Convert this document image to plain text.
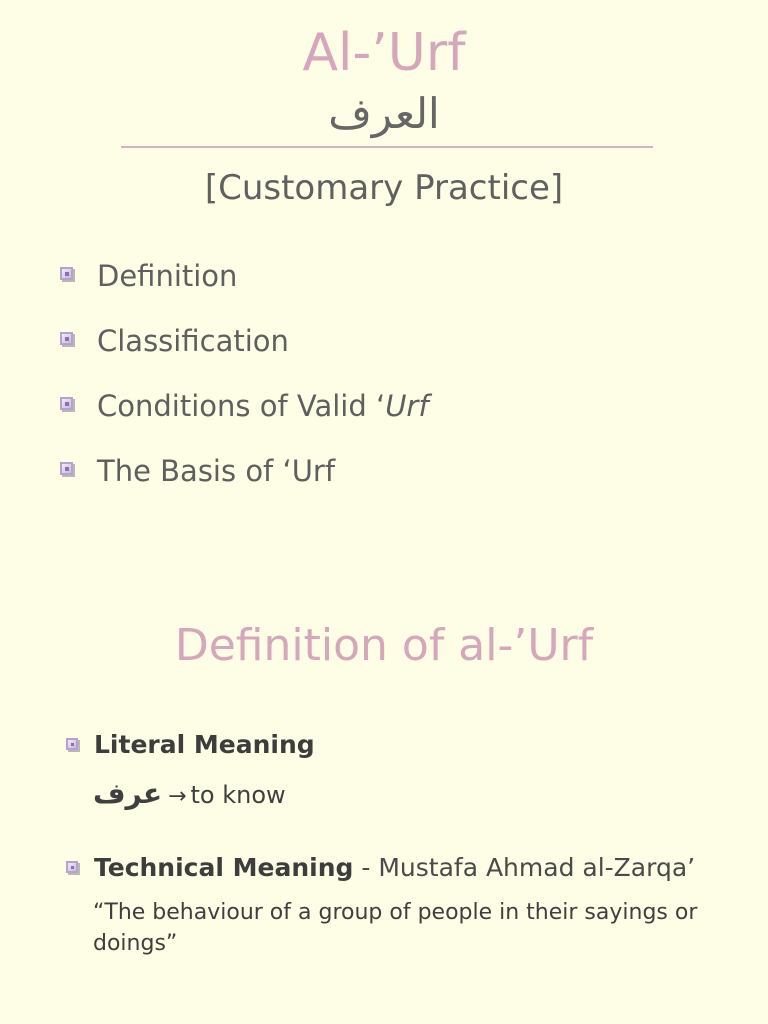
Al-’Urf
العرف
[Customary Practice]
Definition
Classification
Conditions of Valid ‘Urf
The Basis of ‘Urf
Definition of al-’Urf
Literal Meaning
عرف → to know
Technical Meaning - Mustafa Ahmad al-Zarqa’
“The behaviour of a group of people in their sayings or doings”
